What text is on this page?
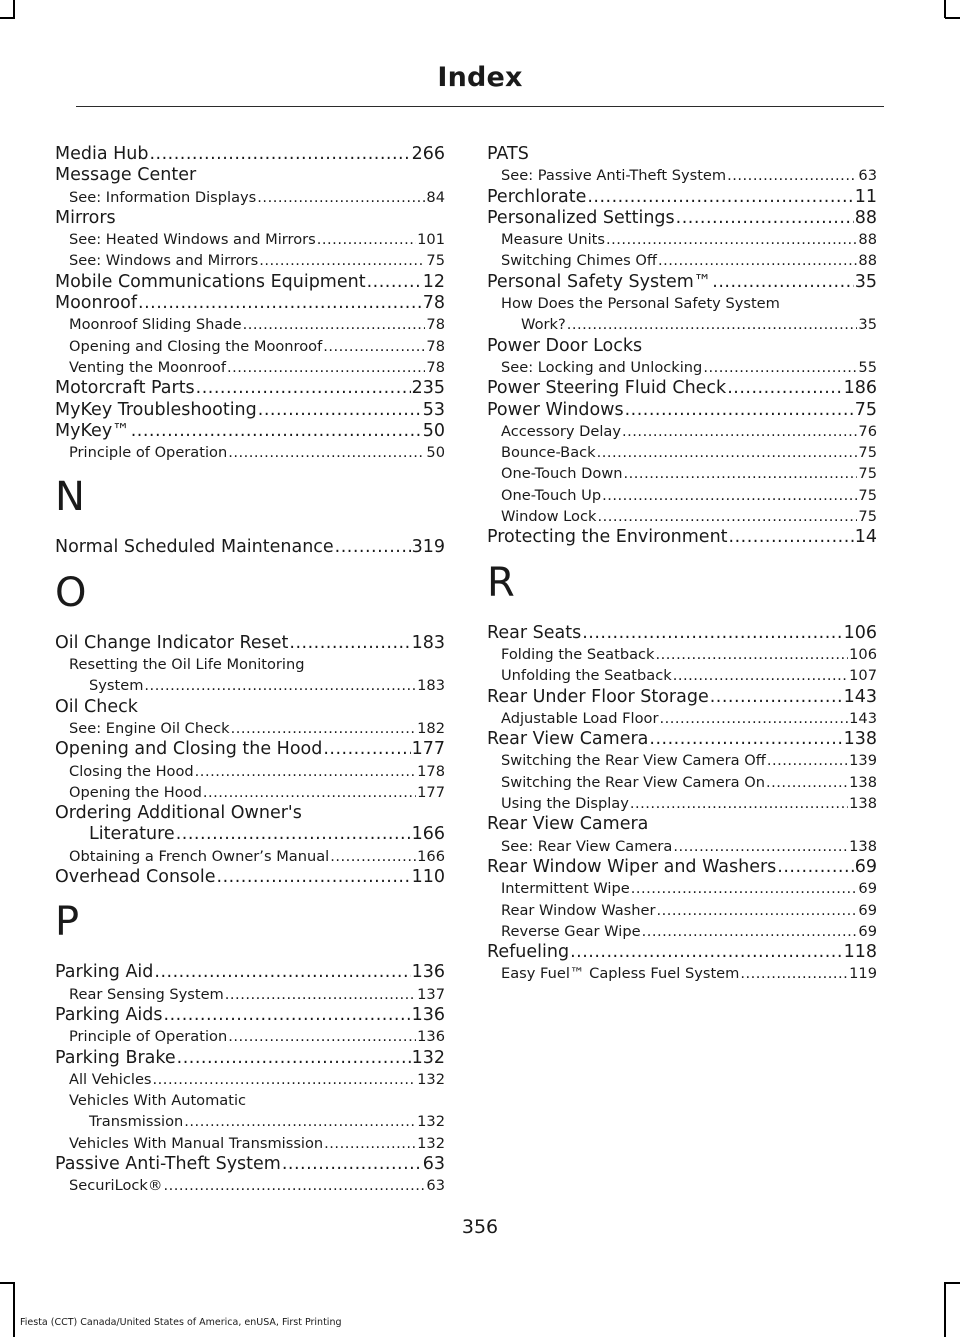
Index
Media Hub .....	266
Message Center
See: Information Displays .....	84
Mirrors
See: Heated Windows and Mirrors .....	101
See: Windows and Mirrors .....	75
Mobile Communications Equipment .....	12
Moonroof .....	78
Moonroof Sliding Shade .....	78
Opening and Closing the Moonroof .....	78
Venting the Moonroof .....	78
Motorcraft Parts .....	235
MyKey Troubleshooting .....	53
MyKey™ .....	50
Principle of Operation .....	50
N
Normal Scheduled Maintenance .....	319
O
Oil Change Indicator Reset .....	183
Resetting the Oil Life Monitoring
System .....	183
Oil Check
See: Engine Oil Check .....	182
Opening and Closing the Hood .....	177
Closing the Hood .....	178
Opening the Hood .....	177
Ordering Additional Owner's
Literature .....	166
Obtaining a French Owner’s Manual .....	166
Overhead Console .....	110
P
Parking Aid .....	136
Rear Sensing System .....	137
Parking Aids .....	136
Principle of Operation .....	136
Parking Brake .....	132
All Vehicles .....	132
Vehicles With Automatic
Transmission .....	132
Vehicles With Manual Transmission .....	132
Passive Anti-Theft System .....	63
SecuriLock® .....	63
PATS
See: Passive Anti-Theft System .....	63
Perchlorate .....	11
Personalized Settings .....	88
Measure Units .....	88
Switching Chimes Off .....	88
Personal Safety System™ .....	35
How Does the Personal Safety System
Work? .....	35
Power Door Locks
See: Locking and Unlocking .....	55
Power Steering Fluid Check .....	186
Power Windows .....	75
Accessory Delay .....	76
Bounce-Back .....	75
One-Touch Down .....	75
One-Touch Up .....	75
Window Lock .....	75
Protecting the Environment .....	14
R
Rear Seats .....	106
Folding the Seatback .....	106
Unfolding the Seatback .....	107
Rear Under Floor Storage .....	143
Adjustable Load Floor .....	143
Rear View Camera .....	138
Switching the Rear View Camera Off .....	139
Switching the Rear View Camera On .....	138
Using the Display .....	138
Rear View Camera
See: Rear View Camera .....	138
Rear Window Wiper and Washers .....	69
Intermittent Wipe .....	69
Rear Window Washer .....	69
Reverse Gear Wipe .....	69
Refueling .....	118
Easy Fuel™ Capless Fuel System .....	119
356
Fiesta (CCT) Canada/United States of America, enUSA, First Printing
